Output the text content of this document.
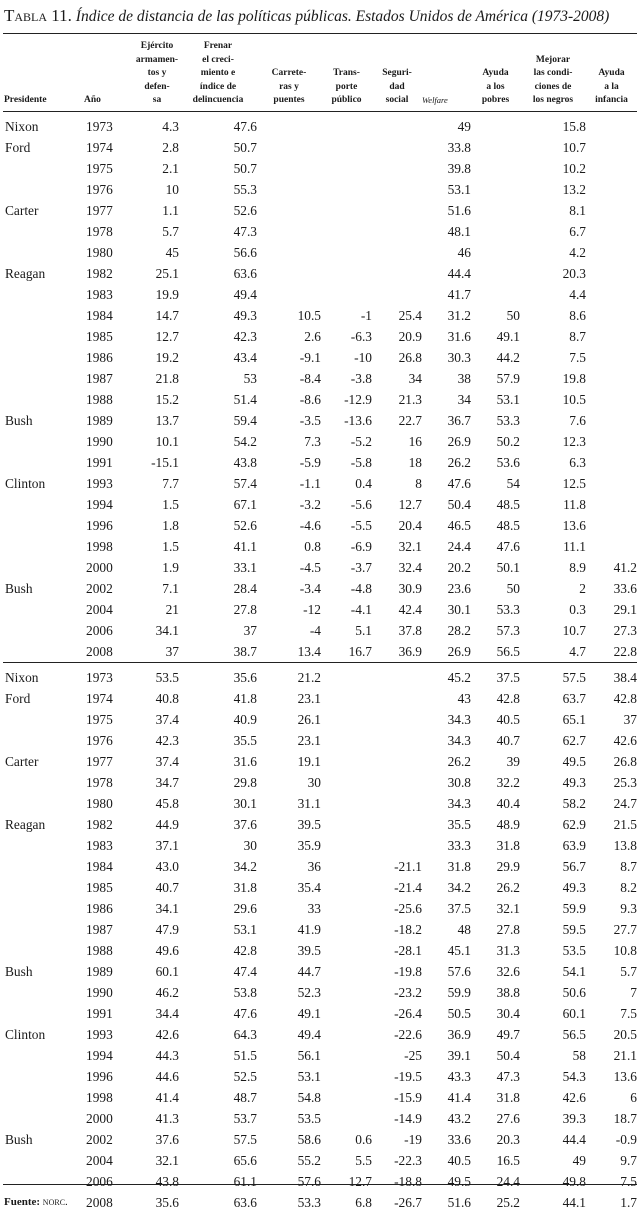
Tabla 11. Índice de distancia de las políticas públicas. Estados Unidos de América (1973-2008)
Presidente	Año	Ejército
armamen-
tos y
defen-
sa	Frenar
el creci-
miento e
índice de
delincuencia	Carrete-
ras y
puentes	Trans-
porte
público	Seguri-
dad
social	Welfare	Ayuda
a los
pobres	Mejorar
las condi-
ciones de
los negros	Ayuda
a la
infancia
Nixon	1973	4.3	47.6				49		15.8	
Ford	1974	2.8	50.7				33.8		10.7	
	1975	2.1	50.7				39.8		10.2	
	1976	10	55.3				53.1		13.2	
Carter	1977	1.1	52.6				51.6		8.1	
	1978	5.7	47.3				48.1		6.7	
	1980	45	56.6				46		4.2	
Reagan	1982	25.1	63.6				44.4		20.3	
	1983	19.9	49.4				41.7		4.4	
	1984	14.7	49.3	10.5	-1	25.4	31.2	50	8.6	
	1985	12.7	42.3	2.6	-6.3	20.9	31.6	49.1	8.7	
	1986	19.2	43.4	-9.1	-10	26.8	30.3	44.2	7.5	
	1987	21.8	53	-8.4	-3.8	34	38	57.9	19.8	
	1988	15.2	51.4	-8.6	-12.9	21.3	34	53.1	10.5	
Bush	1989	13.7	59.4	-3.5	-13.6	22.7	36.7	53.3	7.6	
	1990	10.1	54.2	7.3	-5.2	16	26.9	50.2	12.3	
	1991	-15.1	43.8	-5.9	-5.8	18	26.2	53.6	6.3	
Clinton	1993	7.7	57.4	-1.1	0.4	8	47.6	54	12.5	
	1994	1.5	67.1	-3.2	-5.6	12.7	50.4	48.5	11.8	
	1996	1.8	52.6	-4.6	-5.5	20.4	46.5	48.5	13.6	
	1998	1.5	41.1	0.8	-6.9	32.1	24.4	47.6	11.1	
	2000	1.9	33.1	-4.5	-3.7	32.4	20.2	50.1	8.9	41.2
Bush	2002	7.1	28.4	-3.4	-4.8	30.9	23.6	50	2	33.6
	2004	21	27.8	-12	-4.1	42.4	30.1	53.3	0.3	29.1
	2006	34.1	37	-4	5.1	37.8	28.2	57.3	10.7	27.3
	2008	37	38.7	13.4	16.7	36.9	26.9	56.5	4.7	22.8
Nixon	1973	53.5	35.6	21.2			45.2	37.5	57.5	38.4
Ford	1974	40.8	41.8	23.1			43	42.8	63.7	42.8
	1975	37.4	40.9	26.1			34.3	40.5	65.1	37
	1976	42.3	35.5	23.1			34.3	40.7	62.7	42.6
Carter	1977	37.4	31.6	19.1			26.2	39	49.5	26.8
	1978	34.7	29.8	30			30.8	32.2	49.3	25.3
	1980	45.8	30.1	31.1			34.3	40.4	58.2	24.7
Reagan	1982	44.9	37.6	39.5			35.5	48.9	62.9	21.5
	1983	37.1	30	35.9			33.3	31.8	63.9	13.8
	1984	43.0	34.2	36		-21.1	31.8	29.9	56.7	8.7
	1985	40.7	31.8	35.4		-21.4	34.2	26.2	49.3	8.2
	1986	34.1	29.6	33		-25.6	37.5	32.1	59.9	9.3
	1987	47.9	53.1	41.9		-18.2	48	27.8	59.5	27.7
	1988	49.6	42.8	39.5		-28.1	45.1	31.3	53.5	10.8
Bush	1989	60.1	47.4	44.7		-19.8	57.6	32.6	54.1	5.7
	1990	46.2	53.8	52.3		-23.2	59.9	38.8	50.6	7
	1991	34.4	47.6	49.1		-26.4	50.5	30.4	60.1	7.5
Clinton	1993	42.6	64.3	49.4		-22.6	36.9	49.7	56.5	20.5
	1994	44.3	51.5	56.1		-25	39.1	50.4	58	21.1
	1996	44.6	52.5	53.1		-19.5	43.3	47.3	54.3	13.6
	1998	41.4	48.7	54.8		-15.9	41.4	31.8	42.6	6
	2000	41.3	53.7	53.5		-14.9	43.2	27.6	39.3	18.7
Bush	2002	37.6	57.5	58.6	0.6	-19	33.6	20.3	44.4	-0.9
	2004	32.1	65.6	55.2	5.5	-22.3	40.5	16.5	49	9.7
	2006	43.8	61.1	57.6	12.7	-18.8	49.5	24.4	49.8	7.5
	2008	35.6	63.6	53.3	6.8	-26.7	51.6	25.2	44.1	1.7
Fuente: norc.
